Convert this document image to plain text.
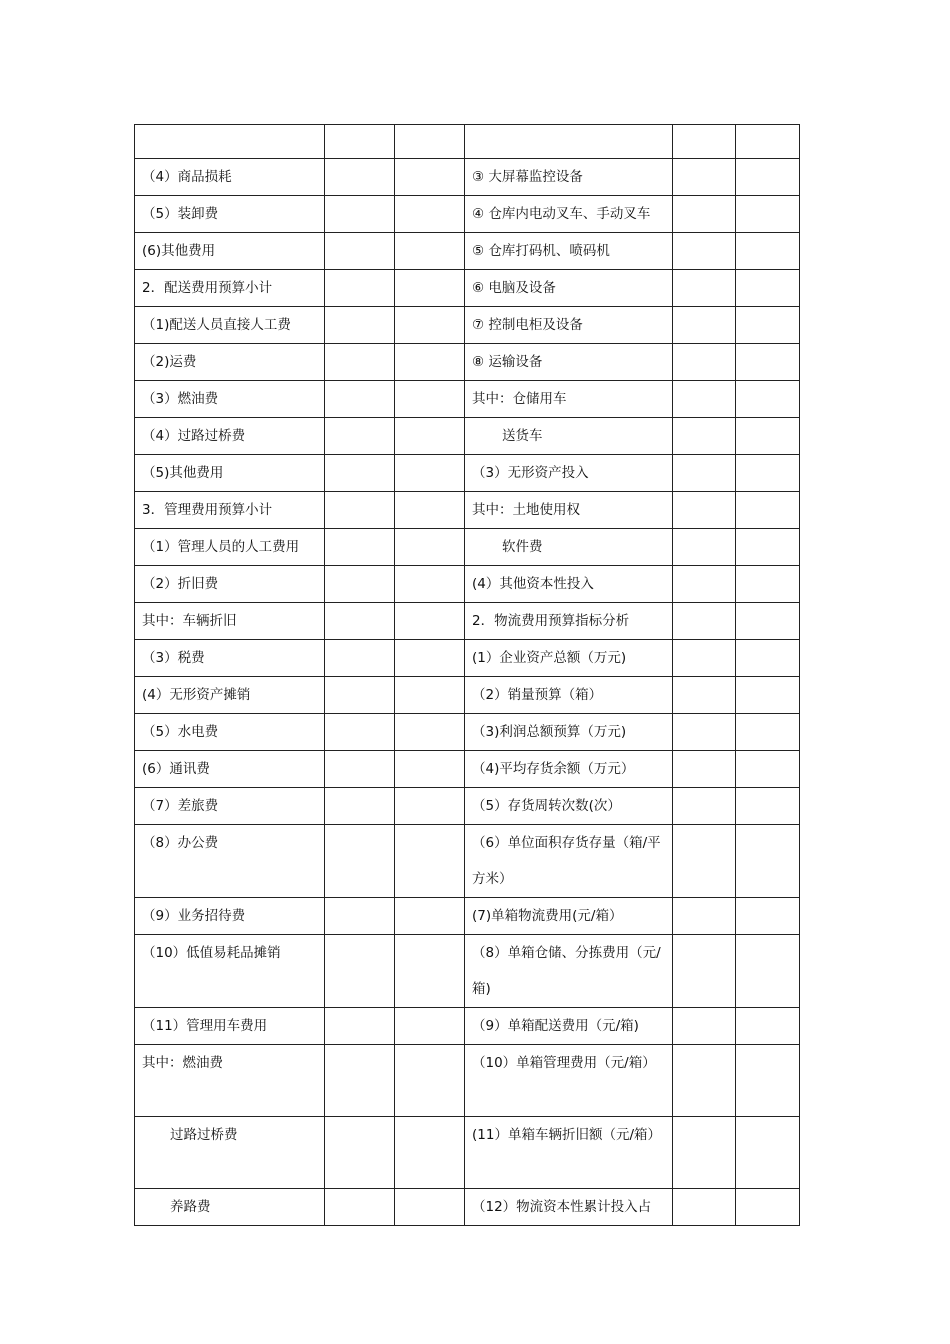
（4）商品损耗			③ 大屏幕监控设备		
（5）装卸费			④ 仓库内电动叉车、手动叉车		
(6)其他费用			⑤ 仓库打码机、喷码机		
2．配送费用预算小计			⑥ 电脑及设备		
（1)配送人员直接人工费			⑦ 控制电柜及设备		
（2)运费			⑧ 运输设备		
（3）燃油费			其中：仓储用车		
（4）过路过桥费			送货车		
（5)其他费用			（3）无形资产投入		
3．管理费用预算小计			其中：土地使用权		
（1）管理人员的人工费用			软件费		
（2）折旧费			(4）其他资本性投入		
其中：车辆折旧			2．物流费用预算指标分析		
（3）税费			(1）企业资产总额（万元)		
(4）无形资产摊销			（2）销量预算（箱）		
（5）水电费			（3)利润总额预算（万元)		
(6）通讯费			（4)平均存货余额（万元）		
（7）差旅费			（5）存货周转次数(次）		
（8）办公费			（6）单位面积存货存量（箱/平方米）		
（9）业务招待费			(7)单箱物流费用(元/箱）		
（10）低值易耗品摊销			（8）单箱仓储、分拣费用（元/箱)		
（11）管理用车费用			（9）单箱配送费用（元/箱)		
其中：燃油费			（10）单箱管理费用（元/箱）		
过路过桥费			(11）单箱车辆折旧额（元/箱）		
养路费			（12）物流资本性累计投入占		
